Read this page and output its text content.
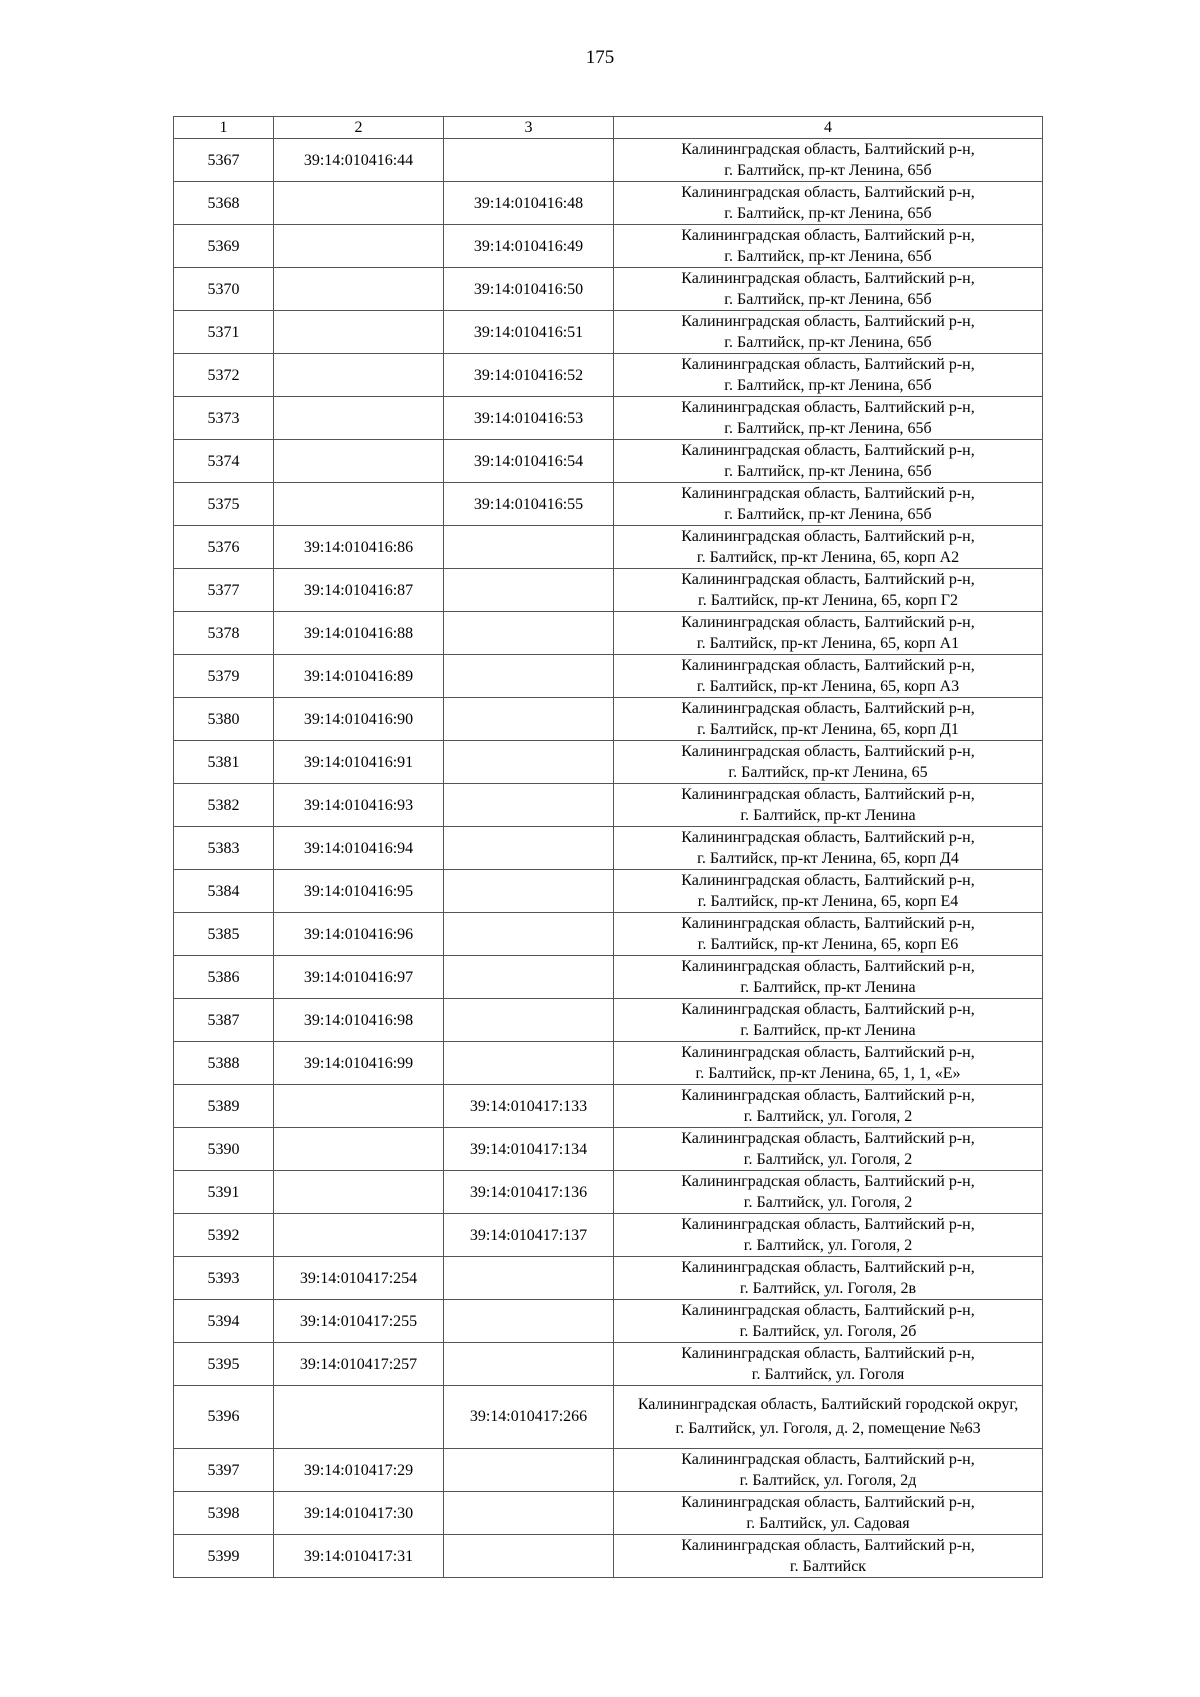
175
1	2	3	4
5367	39:14:010416:44		Калининградская область, Балтийский р-н,
г. Балтийск, пр-кт Ленина, 65б
5368		39:14:010416:48	Калининградская область, Балтийский р-н,
г. Балтийск, пр-кт Ленина, 65б
5369		39:14:010416:49	Калининградская область, Балтийский р-н,
г. Балтийск, пр-кт Ленина, 65б
5370		39:14:010416:50	Калининградская область, Балтийский р-н,
г. Балтийск, пр-кт Ленина, 65б
5371		39:14:010416:51	Калининградская область, Балтийский р-н,
г. Балтийск, пр-кт Ленина, 65б
5372		39:14:010416:52	Калининградская область, Балтийский р-н,
г. Балтийск, пр-кт Ленина, 65б
5373		39:14:010416:53	Калининградская область, Балтийский р-н,
г. Балтийск, пр-кт Ленина, 65б
5374		39:14:010416:54	Калининградская область, Балтийский р-н,
г. Балтийск, пр-кт Ленина, 65б
5375		39:14:010416:55	Калининградская область, Балтийский р-н,
г. Балтийск, пр-кт Ленина, 65б
5376	39:14:010416:86		Калининградская область, Балтийский р-н,
г. Балтийск, пр-кт Ленина, 65, корп А2
5377	39:14:010416:87		Калининградская область, Балтийский р-н,
г. Балтийск, пр-кт Ленина, 65, корп Г2
5378	39:14:010416:88		Калининградская область, Балтийский р-н,
г. Балтийск, пр-кт Ленина, 65, корп А1
5379	39:14:010416:89		Калининградская область, Балтийский р-н,
г. Балтийск, пр-кт Ленина, 65, корп А3
5380	39:14:010416:90		Калининградская область, Балтийский р-н,
г. Балтийск, пр-кт Ленина, 65, корп Д1
5381	39:14:010416:91		Калининградская область, Балтийский р-н,
г. Балтийск, пр-кт Ленина, 65
5382	39:14:010416:93		Калининградская область, Балтийский р-н,
г. Балтийск, пр-кт Ленина
5383	39:14:010416:94		Калининградская область, Балтийский р-н,
г. Балтийск, пр-кт Ленина, 65, корп Д4
5384	39:14:010416:95		Калининградская область, Балтийский р-н,
г. Балтийск, пр-кт Ленина, 65, корп Е4
5385	39:14:010416:96		Калининградская область, Балтийский р-н,
г. Балтийск, пр-кт Ленина, 65, корп Е6
5386	39:14:010416:97		Калининградская область, Балтийский р-н,
г. Балтийск, пр-кт Ленина
5387	39:14:010416:98		Калининградская область, Балтийский р-н,
г. Балтийск, пр-кт Ленина
5388	39:14:010416:99		Калининградская область, Балтийский р-н,
г. Балтийск, пр-кт Ленина, 65, 1, 1, «Е»
5389		39:14:010417:133	Калининградская область, Балтийский р-н,
г. Балтийск, ул. Гоголя, 2
5390		39:14:010417:134	Калининградская область, Балтийский р-н,
г. Балтийск, ул. Гоголя, 2
5391		39:14:010417:136	Калининградская область, Балтийский р-н,
г. Балтийск, ул. Гоголя, 2
5392		39:14:010417:137	Калининградская область, Балтийский р-н,
г. Балтийск, ул. Гоголя, 2
5393	39:14:010417:254		Калининградская область, Балтийский р-н,
г. Балтийск, ул. Гоголя, 2в
5394	39:14:010417:255		Калининградская область, Балтийский р-н,
г. Балтийск, ул. Гоголя, 2б
5395	39:14:010417:257		Калининградская область, Балтийский р-н,
г. Балтийск, ул. Гоголя
5396		39:14:010417:266	Калининградская область, Балтийский городской округ,
г. Балтийск, ул. Гоголя, д. 2, помещение №63
5397	39:14:010417:29		Калининградская область, Балтийский р-н,
г. Балтийск, ул. Гоголя, 2д
5398	39:14:010417:30		Калининградская область, Балтийский р-н,
г. Балтийск, ул. Садовая
5399	39:14:010417:31		Калининградская область, Балтийский р-н,
г. Балтийск
